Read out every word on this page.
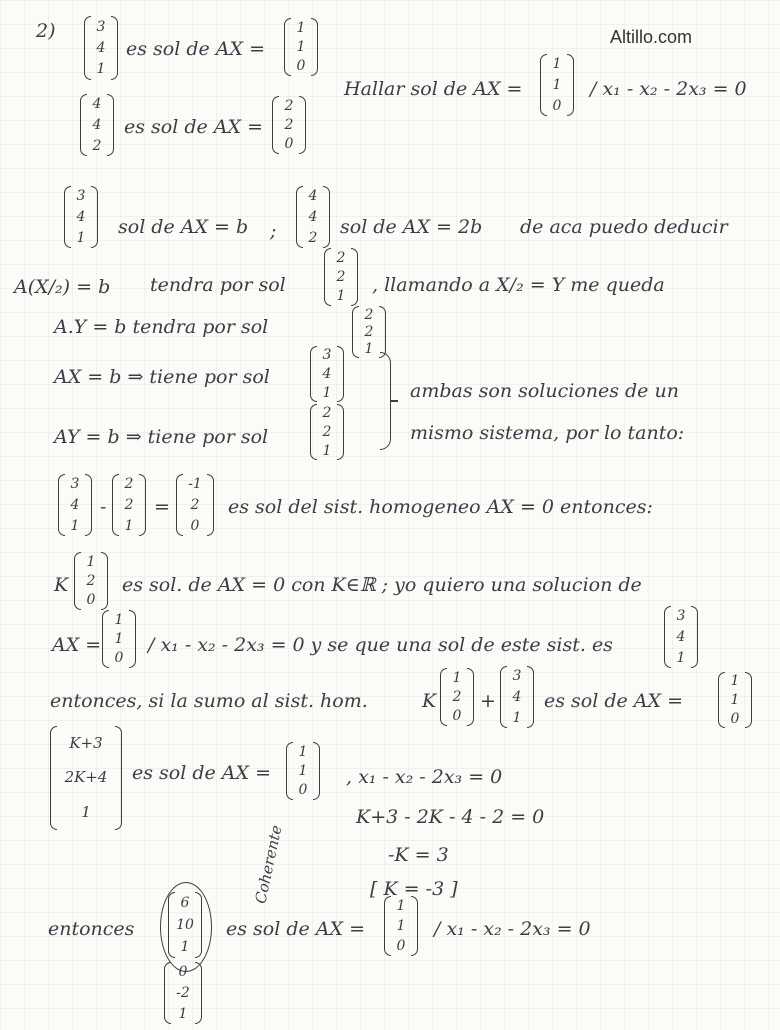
Altillo.com
2)	3
4
1
es sol de AX =
1
1
0
Hallar sol de AX =
1
1
0
/ x₁ - x₂ - 2x₃ = 0
4
4
2
es sol de AX =
2
2
0
3
4
1 sol de AX = b ;
4
4
2 sol de AX = 2b de aca puedo deducir
A(X/₂) = b tendra por sol
2
2
1
, llamando a X/₂ = Y me queda
A.Y = b tendra por sol
2
2
1
AX = b ⇒ tiene por sol
3
4
1	ambas son soluciones de un
AY = b ⇒ tiene por sol
2
2
1
mismo sistema, por lo tanto:
3
4
1
-
2
2
1
=
-1
2
0
es sol del sist. homogeneo AX = 0 entonces:
K
1
2
0
es sol. de AX = 0 con K∈ℝ ; yo quiero una solucion de
AX =
1
1
0
/ x₁ - x₂ - 2x₃ = 0 y se que una sol de este sist. es
3
4
1
entonces, si la sumo al sist. hom.	K
1
2
0
+
3
4
1
es sol de AX =
1
1
0
K+3
2K+4
1
es sol de AX =
1
1
0
, x₁ - x₂ - 2x₃ = 0
K+3 - 2K - 4 - 2 = 0
-K = 3
[ K = -3 ]
Coherente
entonces
6
10
1
es sol de AX =
1
1
0
/ x₁ - x₂ - 2x₃ = 0
0
-2
1
